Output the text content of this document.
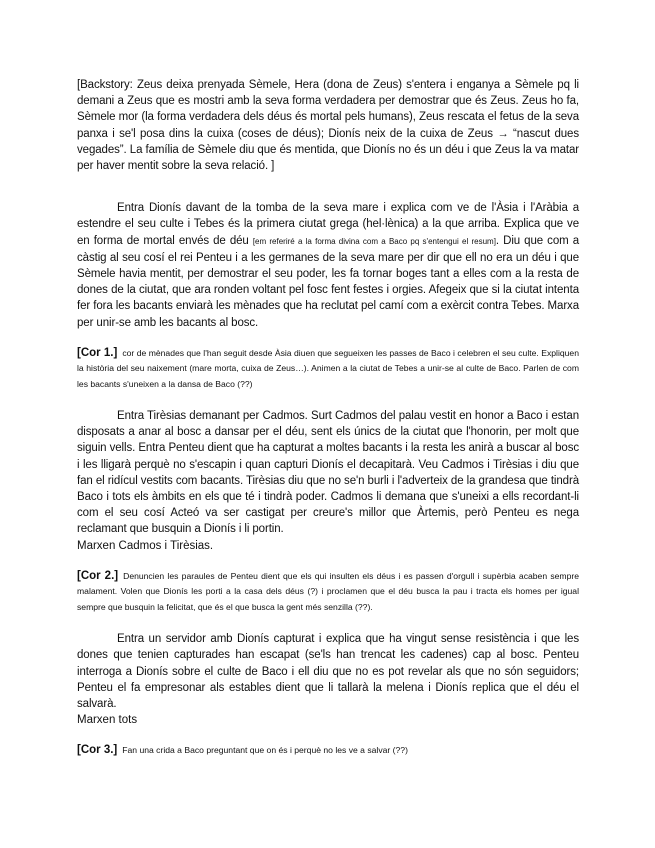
[Backstory: Zeus deixa prenyada Sèmele, Hera (dona de Zeus) s'entera i enganya a Sèmele pq li demani a Zeus que es mostri amb la seva forma verdadera per demostrar que és Zeus. Zeus ho fa, Sèmele mor (la forma verdadera dels déus és mortal pels humans), Zeus rescata el fetus de la seva panxa i se'l posa dins la cuixa (coses de déus); Dionís neix de la cuixa de Zeus → “nascut dues vegades”. La família de Sèmele diu que és mentida, que Dionís no és un déu i que Zeus la va matar per haver mentit sobre la seva relació. ]

Entra Dionís davant de la tomba de la seva mare i explica com ve de l'Àsia i l'Aràbia a estendre el seu culte i Tebes és la primera ciutat grega (hel·lènica) a la que arriba. Explica que ve en forma de mortal envés de déu [em referiré a la forma divina com a Baco pq s'entengui el resum]. Diu que com a càstig al seu cosí el rei Penteu i a les germanes de la seva mare per dir que ell no era un déu i que Sèmele havia mentit, per demostrar el seu poder, les fa tornar boges tant a elles com a la resta de dones de la ciutat, que ara ronden voltant pel fosc fent festes i orgies. Afegeix que si la ciutat intenta fer fora les bacants enviarà les mènades que ha reclutat pel camí com a exèrcit contra Tebes. Marxa per unir-se amb les bacants al bosc.

[Cor 1.] cor de mènades que l'han seguit desde Àsia diuen que segueixen les passes de Baco i celebren el seu culte. Expliquen la història del seu naixement (mare morta, cuixa de Zeus…). Animen a la ciutat de Tebes a unir-se al culte de Baco. Parlen de com les bacants s'uneixen a la dansa de Baco (??)

Entra Tirèsias demanant per Cadmos. Surt Cadmos del palau vestit en honor a Baco i estan disposats a anar al bosc a dansar per el déu, sent els únics de la ciutat que l'honorin, per molt que siguin vells. Entra Penteu dient que ha capturat a moltes bacants i la resta les anirà a buscar al bosc i les lligarà perquè no s'escapin i quan capturi Dionís el decapitarà. Veu Cadmos i Tirèsias i diu que fan el ridícul vestits com bacants. Tirèsias diu que no se'n burli i l'adverteix de la grandesa que tindrà Baco i tots els àmbits en els que té i tindrà poder. Cadmos li demana que s'uneixi a ells recordant-li com el seu cosí Acteó va ser castigat per creure's millor que Àrtemis, però Penteu es nega reclamant que busquin a Dionís i li portin.

Marxen Cadmos i Tirèsias.

[Cor 2.] Denuncien les paraules de Penteu dient que els qui insulten els déus i es passen d'orgull i supèrbia acaben sempre malament. Volen que Dionís les porti a la casa dels déus (?) i proclamen que el déu busca la pau i tracta els homes per igual sempre que busquin la felicitat, que és el que busca la gent més senzilla (??).

Entra un servidor amb Dionís capturat i explica que ha vingut sense resistència i que les dones que tenien capturades han escapat (se'ls han trencat les cadenes) cap al bosc. Penteu interroga a Dionís sobre el culte de Baco i ell diu que no es pot revelar als que no són seguidors; Penteu el fa empresonar als estables dient que li tallarà la melena i Dionís replica que el déu el salvarà.

Marxen tots

[Cor 3.] Fan una crida a Baco preguntant que on és i perquè no les ve a salvar (??)
